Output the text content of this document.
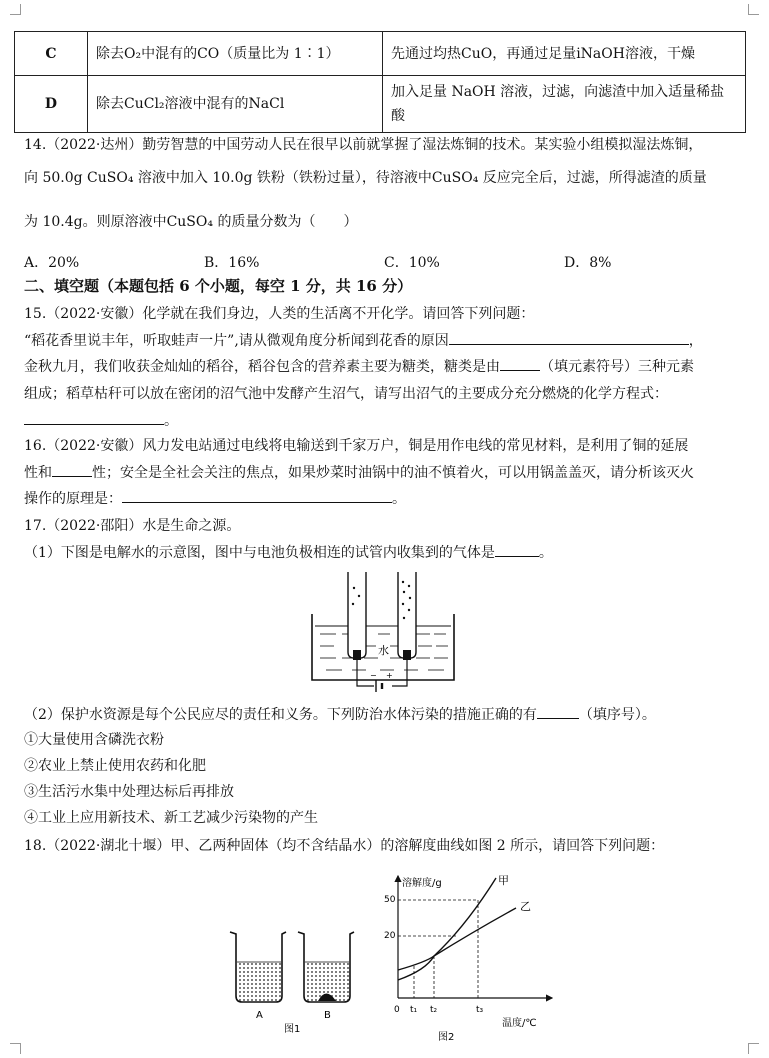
C	除去O₂中混有的CO（质量比为 1∶1）	先通过均热CuO，再通过足量iNaOH溶液，干燥
D	除去CuCl₂溶液中混有的NaCl	加入足量 NaOH 溶液，过滤，向滤渣中加入适量稀盐
酸
14.（2022·达州）勤劳智慧的中国劳动人民在很早以前就掌握了湿法炼铜的技术。某实验小组模拟湿法炼铜，
向 50.0g CuSO₄ 溶液中加入 10.0g 铁粉（铁粉过量），待溶液中CuSO₄ 反应完全后，过滤，所得滤渣的质量
为 10.4g。则原溶液中CuSO₄ 的质量分数为（　　）
A．20%	B．16%	C．10%	D．8%
二、填空题（本题包括 6 个小题，每空 1 分，共 16 分）
15.（2022·安徽）化学就在我们身边，人类的生活离不开化学。请回答下列问题：
“稻花香里说丰年，听取蛙声一片”,请从微观角度分析闻到花香的原因	，
金秋九月，我们收获金灿灿的稻谷，稻谷包含的营养素主要为糖类，糖类是由	（填元素符号）三种元素
组成；稻草枯秆可以放在密闭的沼气池中发酵产生沼气，请写出沼气的主要成分充分燃烧的化学方程式：
。
16.（2022·安徽）风力发电站通过电线将电输送到千家万户，铜是用作电线的常见材料，是利用了铜的延展
性和	性；安全是全社会关注的焦点，如果炒菜时油锅中的油不慎着火，可以用锅盖盖灭，请分析该灭火
操作的原理是：	。
17.（2022·邵阳）水是生命之源。
（1）下图是电解水的示意图，图中与电池负极相连的试管内收集到的气体是	。
− +
水
（2）保护水资源是每个公民应尽的责任和义务。下列防治水体污染的措施正确的有	（填序号）。
①大量使用含磷洗衣粉
②农业上禁止使用农药和化肥
③生活污水集中处理达标后再排放
④工业上应用新技术、新工艺减少污染物的产生
18.（2022·湖北十堰）甲、乙两种固体（均不含结晶水）的溶解度曲线如图 2 所示，请回答下列问题：
A	B
图1
溶解度/g
温度/℃
50
20
0 t₁ t₂	t₃
甲
乙
图2
